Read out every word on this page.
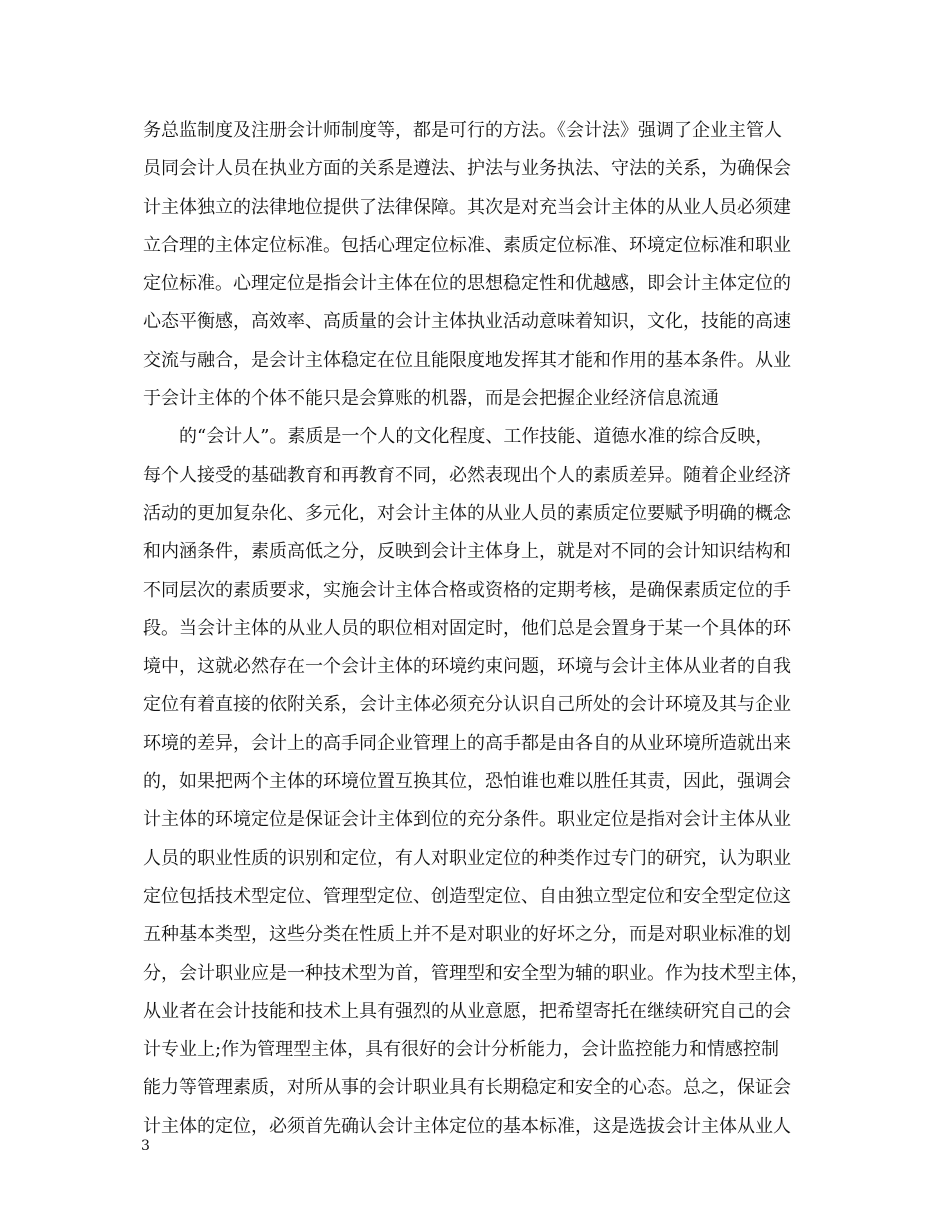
务总监制度及注册会计师制度等，都是可行的方法。《会计法》强调了企业主管人
员同会计人员在执业方面的关系是遵法、护法与业务执法、守法的关系，为确保会
计主体独立的法律地位提供了法律保障。其次是对充当会计主体的从业人员必须建
立合理的主体定位标准。包括心理定位标准、素质定位标准、环境定位标准和职业
定位标准。心理定位是指会计主体在位的思想稳定性和优越感，即会计主体定位的
心态平衡感，高效率、高质量的会计主体执业活动意味着知识，文化，技能的高速
交流与融合，是会计主体稳定在位且能限度地发挥其才能和作用的基本条件。从业
于会计主体的个体不能只是会算账的机器，而是会把握企业经济信息流通
的“会计人”。素质是一个人的文化程度、工作技能、道德水准的综合反映，
每个人接受的基础教育和再教育不同，必然表现出个人的素质差异。随着企业经济
活动的更加复杂化、多元化，对会计主体的从业人员的素质定位要赋予明确的概念
和内涵条件，素质高低之分，反映到会计主体身上，就是对不同的会计知识结构和
不同层次的素质要求，实施会计主体合格或资格的定期考核，是确保素质定位的手
段。当会计主体的从业人员的职位相对固定时，他们总是会置身于某一个具体的环
境中，这就必然存在一个会计主体的环境约束问题，环境与会计主体从业者的自我
定位有着直接的依附关系，会计主体必须充分认识自己所处的会计环境及其与企业
环境的差异，会计上的高手同企业管理上的高手都是由各自的从业环境所造就出来
的，如果把两个主体的环境位置互换其位，恐怕谁也难以胜任其责，因此，强调会
计主体的环境定位是保证会计主体到位的充分条件。职业定位是指对会计主体从业
人员的职业性质的识别和定位，有人对职业定位的种类作过专门的研究，认为职业
定位包括技术型定位、管理型定位、创造型定位、自由独立型定位和安全型定位这
五种基本类型，这些分类在性质上并不是对职业的好坏之分，而是对职业标准的划
分，会计职业应是一种技术型为首，管理型和安全型为辅的职业。作为技术型主体，
从业者在会计技能和技术上具有强烈的从业意愿，把希望寄托在继续研究自己的会
计专业上;作为管理型主体，具有很好的会计分析能力，会计监控能力和情感控制
能力等管理素质，对所从事的会计职业具有长期稳定和安全的心态。总之，保证会
计主体的定位，必须首先确认会计主体定位的基本标准，这是选拔会计主体从业人
3
